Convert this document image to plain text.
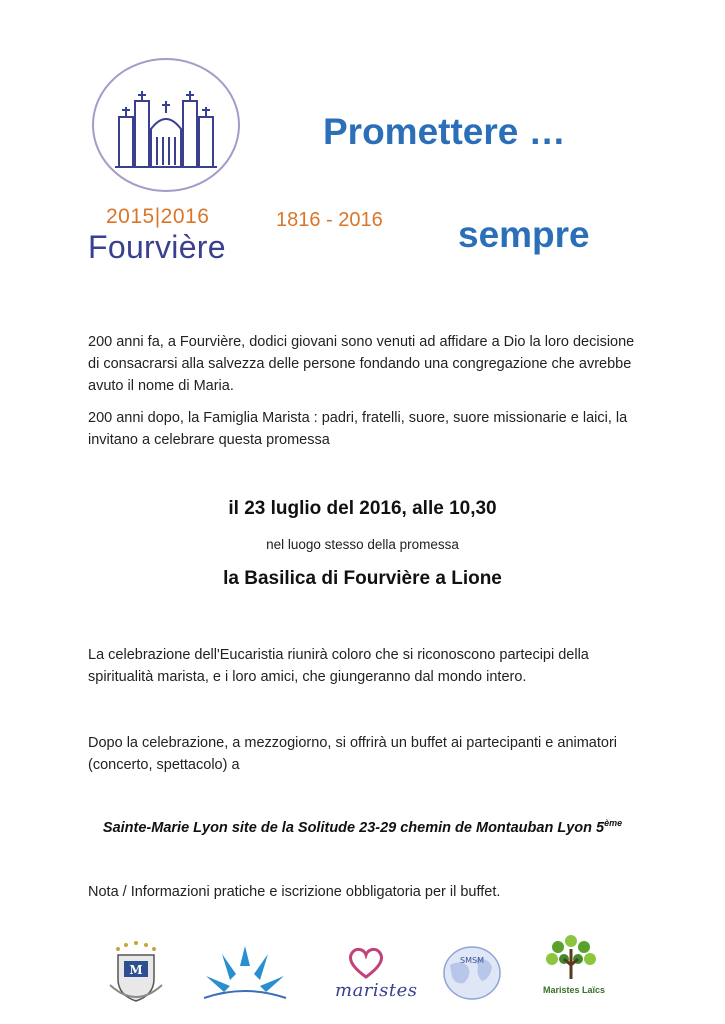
2015|2016
Fourvière
Promettere …
1816 - 2016 sempre
200 anni fa, a Fourvière, dodici giovani sono venuti ad affidare a Dio la loro decisione di consacrarsi alla salvezza delle persone fondando una congregazione che avrebbe avuto il nome di Maria.
200 anni dopo, la Famiglia Marista : padri, fratelli, suore, suore missionarie e laici, la invitano a celebrare questa promessa
il 23 luglio del 2016, alle 10,30
nel luogo stesso della promessa
la Basilica di Fourvière a Lione
La celebrazione dell'Eucaristia riunirà coloro che si riconoscono partecipi della spiritualità marista, e i loro amici, che giungeranno dal mondo intero.
Dopo la celebrazione, a mezzogiorno, si offrirà un buffet ai partecipanti e animatori (concerto, spettacolo) a
Sainte-Marie Lyon site de la Solitude 23-29 chemin de Montauban Lyon 5ème
Nota / Informazioni pratiche e iscrizione obbligatoria per il buffet.
M
maristes
SMSM
Maristes Laïcs
